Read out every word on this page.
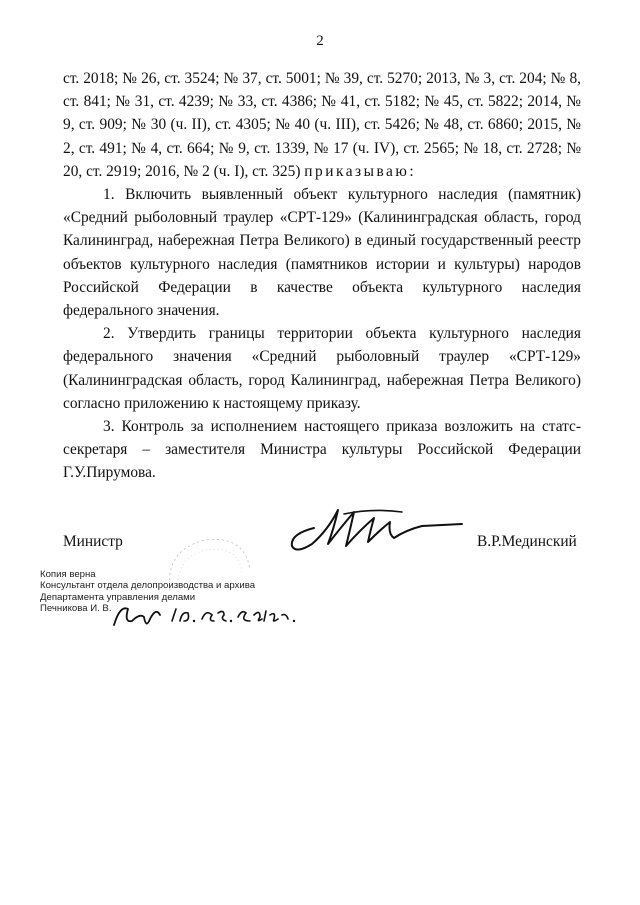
2

ст. 2018; № 26, ст. 3524; № 37, ст. 5001; № 39, ст. 5270; 2013, № 3, ст. 204; № 8, ст. 841; № 31, ст. 4239; № 33, ст. 4386; № 41, ст. 5182; № 45, ст. 5822; 2014, № 9, ст. 909; № 30 (ч. II), ст. 4305; № 40 (ч. III), ст. 5426; № 48, ст. 6860; 2015, № 2, ст. 491; № 4, ст. 664; № 9, ст. 1339, № 17 (ч. IV), ст. 2565; № 18, ст. 2728; № 20, ст. 2919; 2016, № 2 (ч. I), ст. 325) приказываю:

1. Включить выявленный объект культурного наследия (памятник) «Средний рыболовный траулер «СРТ-129» (Калининградская область, город Калининград, набережная Петра Великого) в единый государственный реестр объектов культурного наследия (памятников истории и культуры) народов Российской Федерации в качестве объекта культурного наследия федерального значения.

2. Утвердить границы территории объекта культурного наследия федерального значения «Средний рыболовный траулер «СРТ-129» (Калининградская область, город Калининград, набережная Петра Великого) согласно приложению к настоящему приказу.

3. Контроль за исполнением настоящего приказа возложить на статс-секретаря – заместителя Министра культуры Российской Федерации Г.У.Пирумова.

Министр	В.Р.Мединский
Копия верна
Консультант отдела делопроизводства и архива
Департамента управления делами
Печникова И. В.
